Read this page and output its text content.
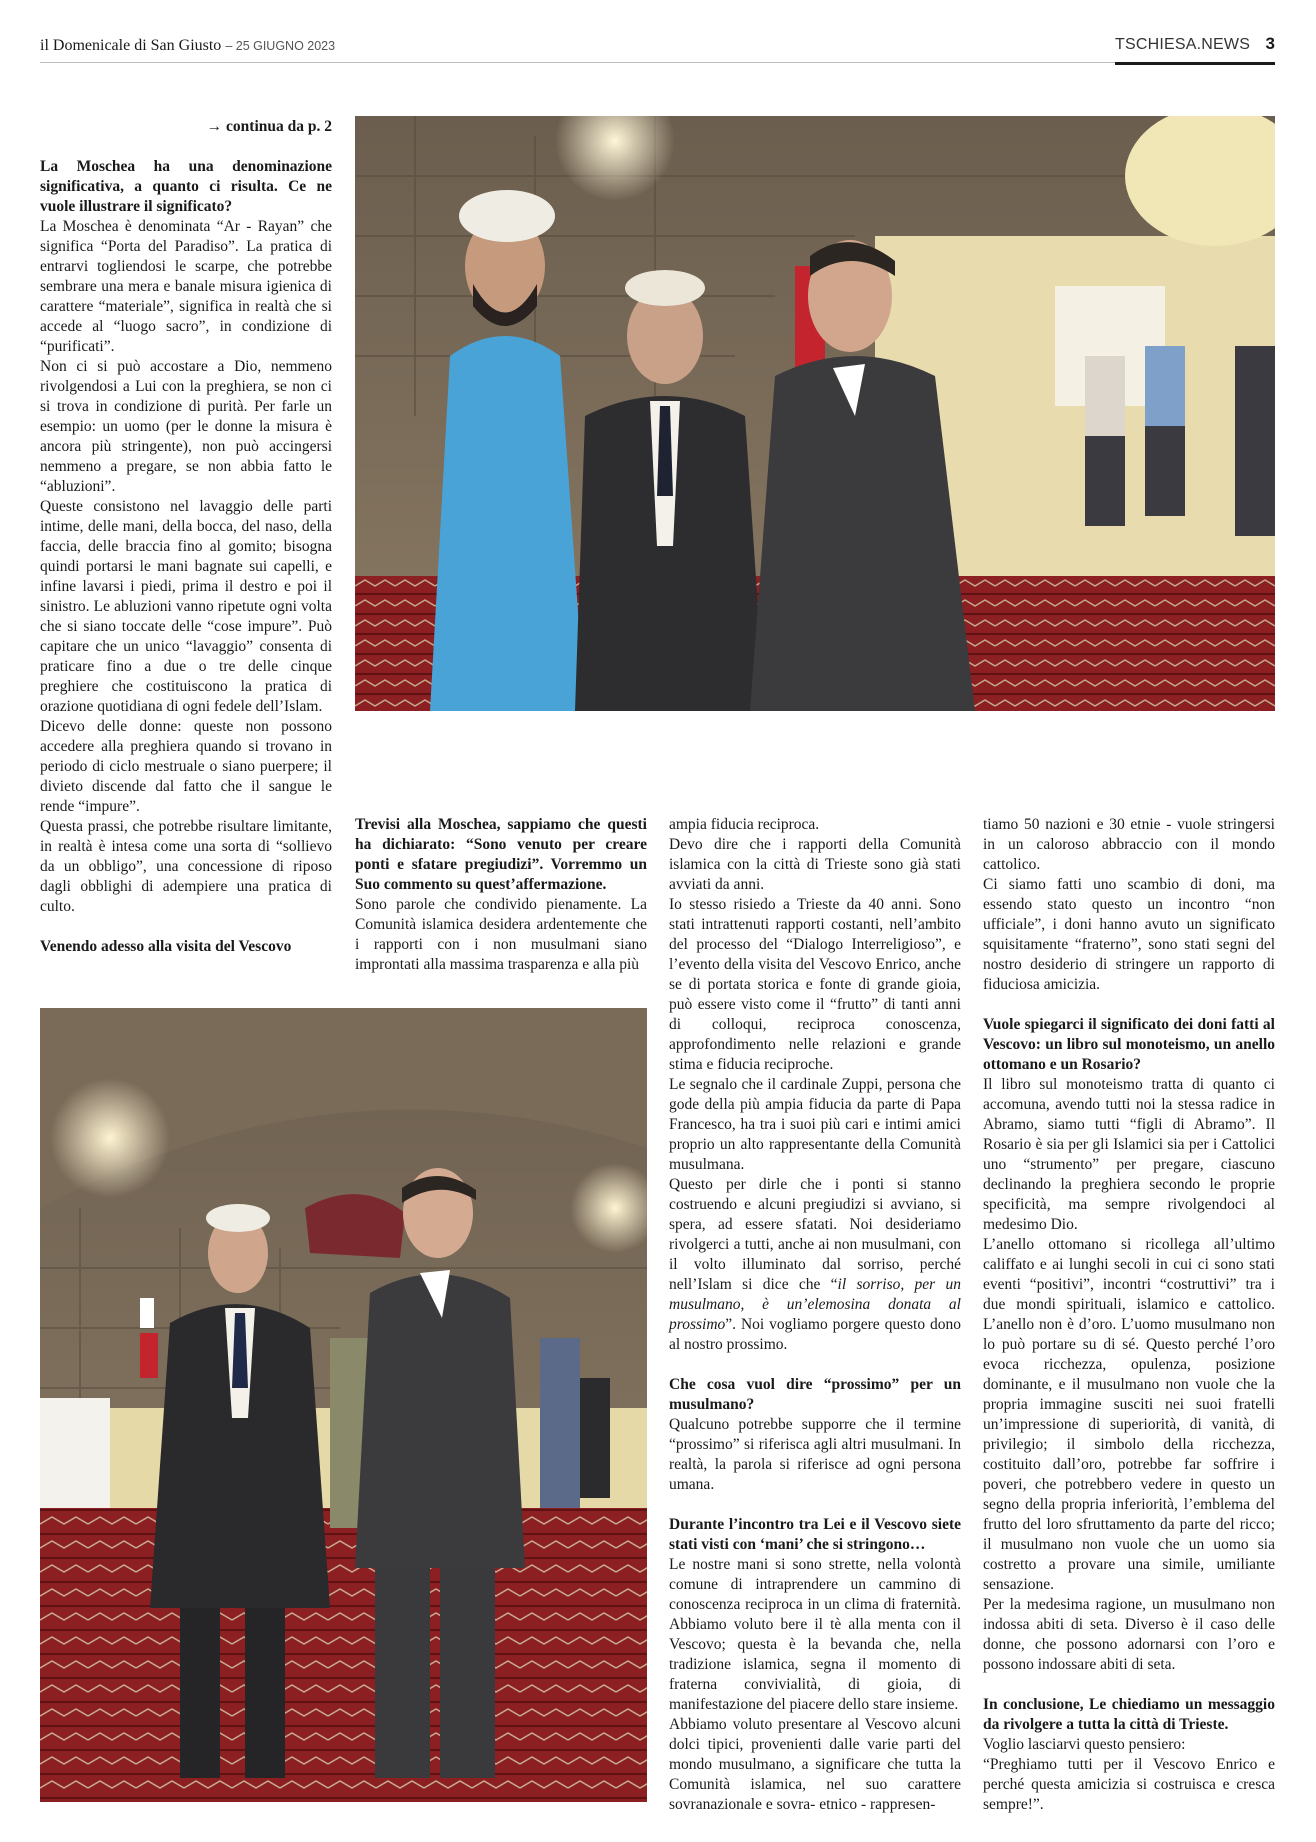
il Domenicale di San Giusto – 25 GIUGNO 2023	TSCHIESA.NEWS 3
→ continua da p. 2

La Moschea ha una denominazione significativa, a quanto ci risulta. Ce ne vuole illustrare il significato?

La Moschea è denominata “Ar - Rayan” che significa “Porta del Paradiso”. La pratica di entrarvi togliendosi le scarpe, che potrebbe sembrare una mera e banale misura igienica di carattere “materiale”, significa in realtà che si accede al “luogo sacro”, in condizione di “purificati”.

Non ci si può accostare a Dio, nemmeno rivolgendosi a Lui con la preghiera, se non ci si trova in condizione di purità. Per farle un esempio: un uomo (per le donne la misura è ancora più stringente), non può accingersi nemmeno a pregare, se non abbia fatto le “abluzioni”.

Queste consistono nel lavaggio delle parti intime, delle mani, della bocca, del naso, della faccia, delle braccia fino al gomito; bisogna quindi portarsi le mani bagnate sui capelli, e infine lavarsi i piedi, prima il destro e poi il sinistro. Le abluzioni vanno ripetute ogni volta che si siano toccate delle “cose impure”. Può capitare che un unico “lavaggio” consenta di praticare fino a due o tre delle cinque preghiere che costituiscono la pratica di orazione quotidiana di ogni fedele dell’Islam.

Dicevo delle donne: queste non possono accedere alla preghiera quando si trovano in periodo di ciclo mestruale o siano puerpere; il divieto discende dal fatto che il sangue le rende “impure”.

Questa prassi, che potrebbe risultare limitante, in realtà è intesa come una sorta di “sollievo da un obbligo”, una concessione di riposo dagli obblighi di adempiere una pratica di culto.

Venendo adesso alla visita del Vescovo

Trevisi alla Moschea, sappiamo che questi ha dichiarato: “Sono venuto per creare ponti e sfatare pregiudizi”. Vorremmo un Suo commento su quest’affermazione.

Sono parole che condivido pienamente. La Comunità islamica desidera ardentemente che i rapporti con i non musulmani siano improntati alla massima trasparenza e alla più

ampia fiducia reciproca.

Devo dire che i rapporti della Comunità islamica con la città di Trieste sono già stati avviati da anni.

Io stesso risiedo a Trieste da 40 anni. Sono stati intrattenuti rapporti costanti, nell’ambito del processo del “Dialogo Interreligioso”, e l’evento della visita del Vescovo Enrico, anche se di portata storica e fonte di grande gioia, può essere visto come il “frutto” di tanti anni di colloqui, reciproca conoscenza, approfondimento nelle relazioni e grande stima e fiducia reciproche.

Le segnalo che il cardinale Zuppi, persona che gode della più ampia fiducia da parte di Papa Francesco, ha tra i suoi più cari e intimi amici proprio un alto rappresentante della Comunità musulmana.

Questo per dirle che i ponti si stanno costruendo e alcuni pregiudizi si avviano, si spera, ad essere sfatati. Noi desideriamo rivolgerci a tutti, anche ai non musulmani, con il volto illuminato dal sorriso, perché nell’Islam si dice che “il sorriso, per un musulmano, è un’elemosina donata al prossimo”. Noi vogliamo porgere questo dono al nostro prossimo.

Che cosa vuol dire “prossimo” per un musulmano?

Qualcuno potrebbe supporre che il termine “prossimo” si riferisca agli altri musulmani. In realtà, la parola si riferisce ad ogni persona umana.

Durante l’incontro tra Lei e il Vescovo siete stati visti con ‘mani’ che si stringono…

Le nostre mani si sono strette, nella volontà comune di intraprendere un cammino di conoscenza reciproca in un clima di fraternità. Abbiamo voluto bere il tè alla menta con il Vescovo; questa è la bevanda che, nella tradizione islamica, segna il momento di fraterna convivialità, di gioia, di manifestazione del piacere dello stare insieme.

Abbiamo voluto presentare al Vescovo alcuni dolci tipici, provenienti dalle varie parti del mondo musulmano, a significare che tutta la Comunità islamica, nel suo carattere sovranazionale e sovra- etnico - rappresen-

tiamo 50 nazioni e 30 etnie - vuole stringersi in un caloroso abbraccio con il mondo cattolico.

Ci siamo fatti uno scambio di doni, ma essendo stato questo un incontro “non ufficiale”, i doni hanno avuto un significato squisitamente “fraterno”, sono stati segni del nostro desiderio di stringere un rapporto di fiduciosa amicizia.

Vuole spiegarci il significato dei doni fatti al Vescovo: un libro sul monoteismo, un anello ottomano e un Rosario?

Il libro sul monoteismo tratta di quanto ci accomuna, avendo tutti noi la stessa radice in Abramo, siamo tutti “figli di Abramo”. Il Rosario è sia per gli Islamici sia per i Cattolici uno “strumento” per pregare, ciascuno declinando la preghiera secondo le proprie specificità, ma sempre rivolgendoci al medesimo Dio.

L’anello ottomano si ricollega all’ultimo califfato e ai lunghi secoli in cui ci sono stati eventi “positivi”, incontri “costruttivi” tra i due mondi spirituali, islamico e cattolico. L’anello non è d’oro. L’uomo musulmano non lo può portare su di sé. Questo perché l’oro evoca ricchezza, opulenza, posizione dominante, e il musulmano non vuole che la propria immagine susciti nei suoi fratelli un’impressione di superiorità, di vanità, di privilegio; il simbolo della ricchezza, costituito dall’oro, potrebbe far soffrire i poveri, che potrebbero vedere in questo un segno della propria inferiorità, l’emblema del frutto del loro sfruttamento da parte del ricco; il musulmano non vuole che un uomo sia costretto a provare una simile, umiliante sensazione.

Per la medesima ragione, un musulmano non indossa abiti di seta. Diverso è il caso delle donne, che possono adornarsi con l’oro e possono indossare abiti di seta.

In conclusione, Le chiediamo un messaggio da rivolgere a tutta la città di Trieste.

Voglio lasciarvi questo pensiero:

“Preghiamo tutti per il Vescovo Enrico e perché questa amicizia si costruisca e cresca sempre!”.
